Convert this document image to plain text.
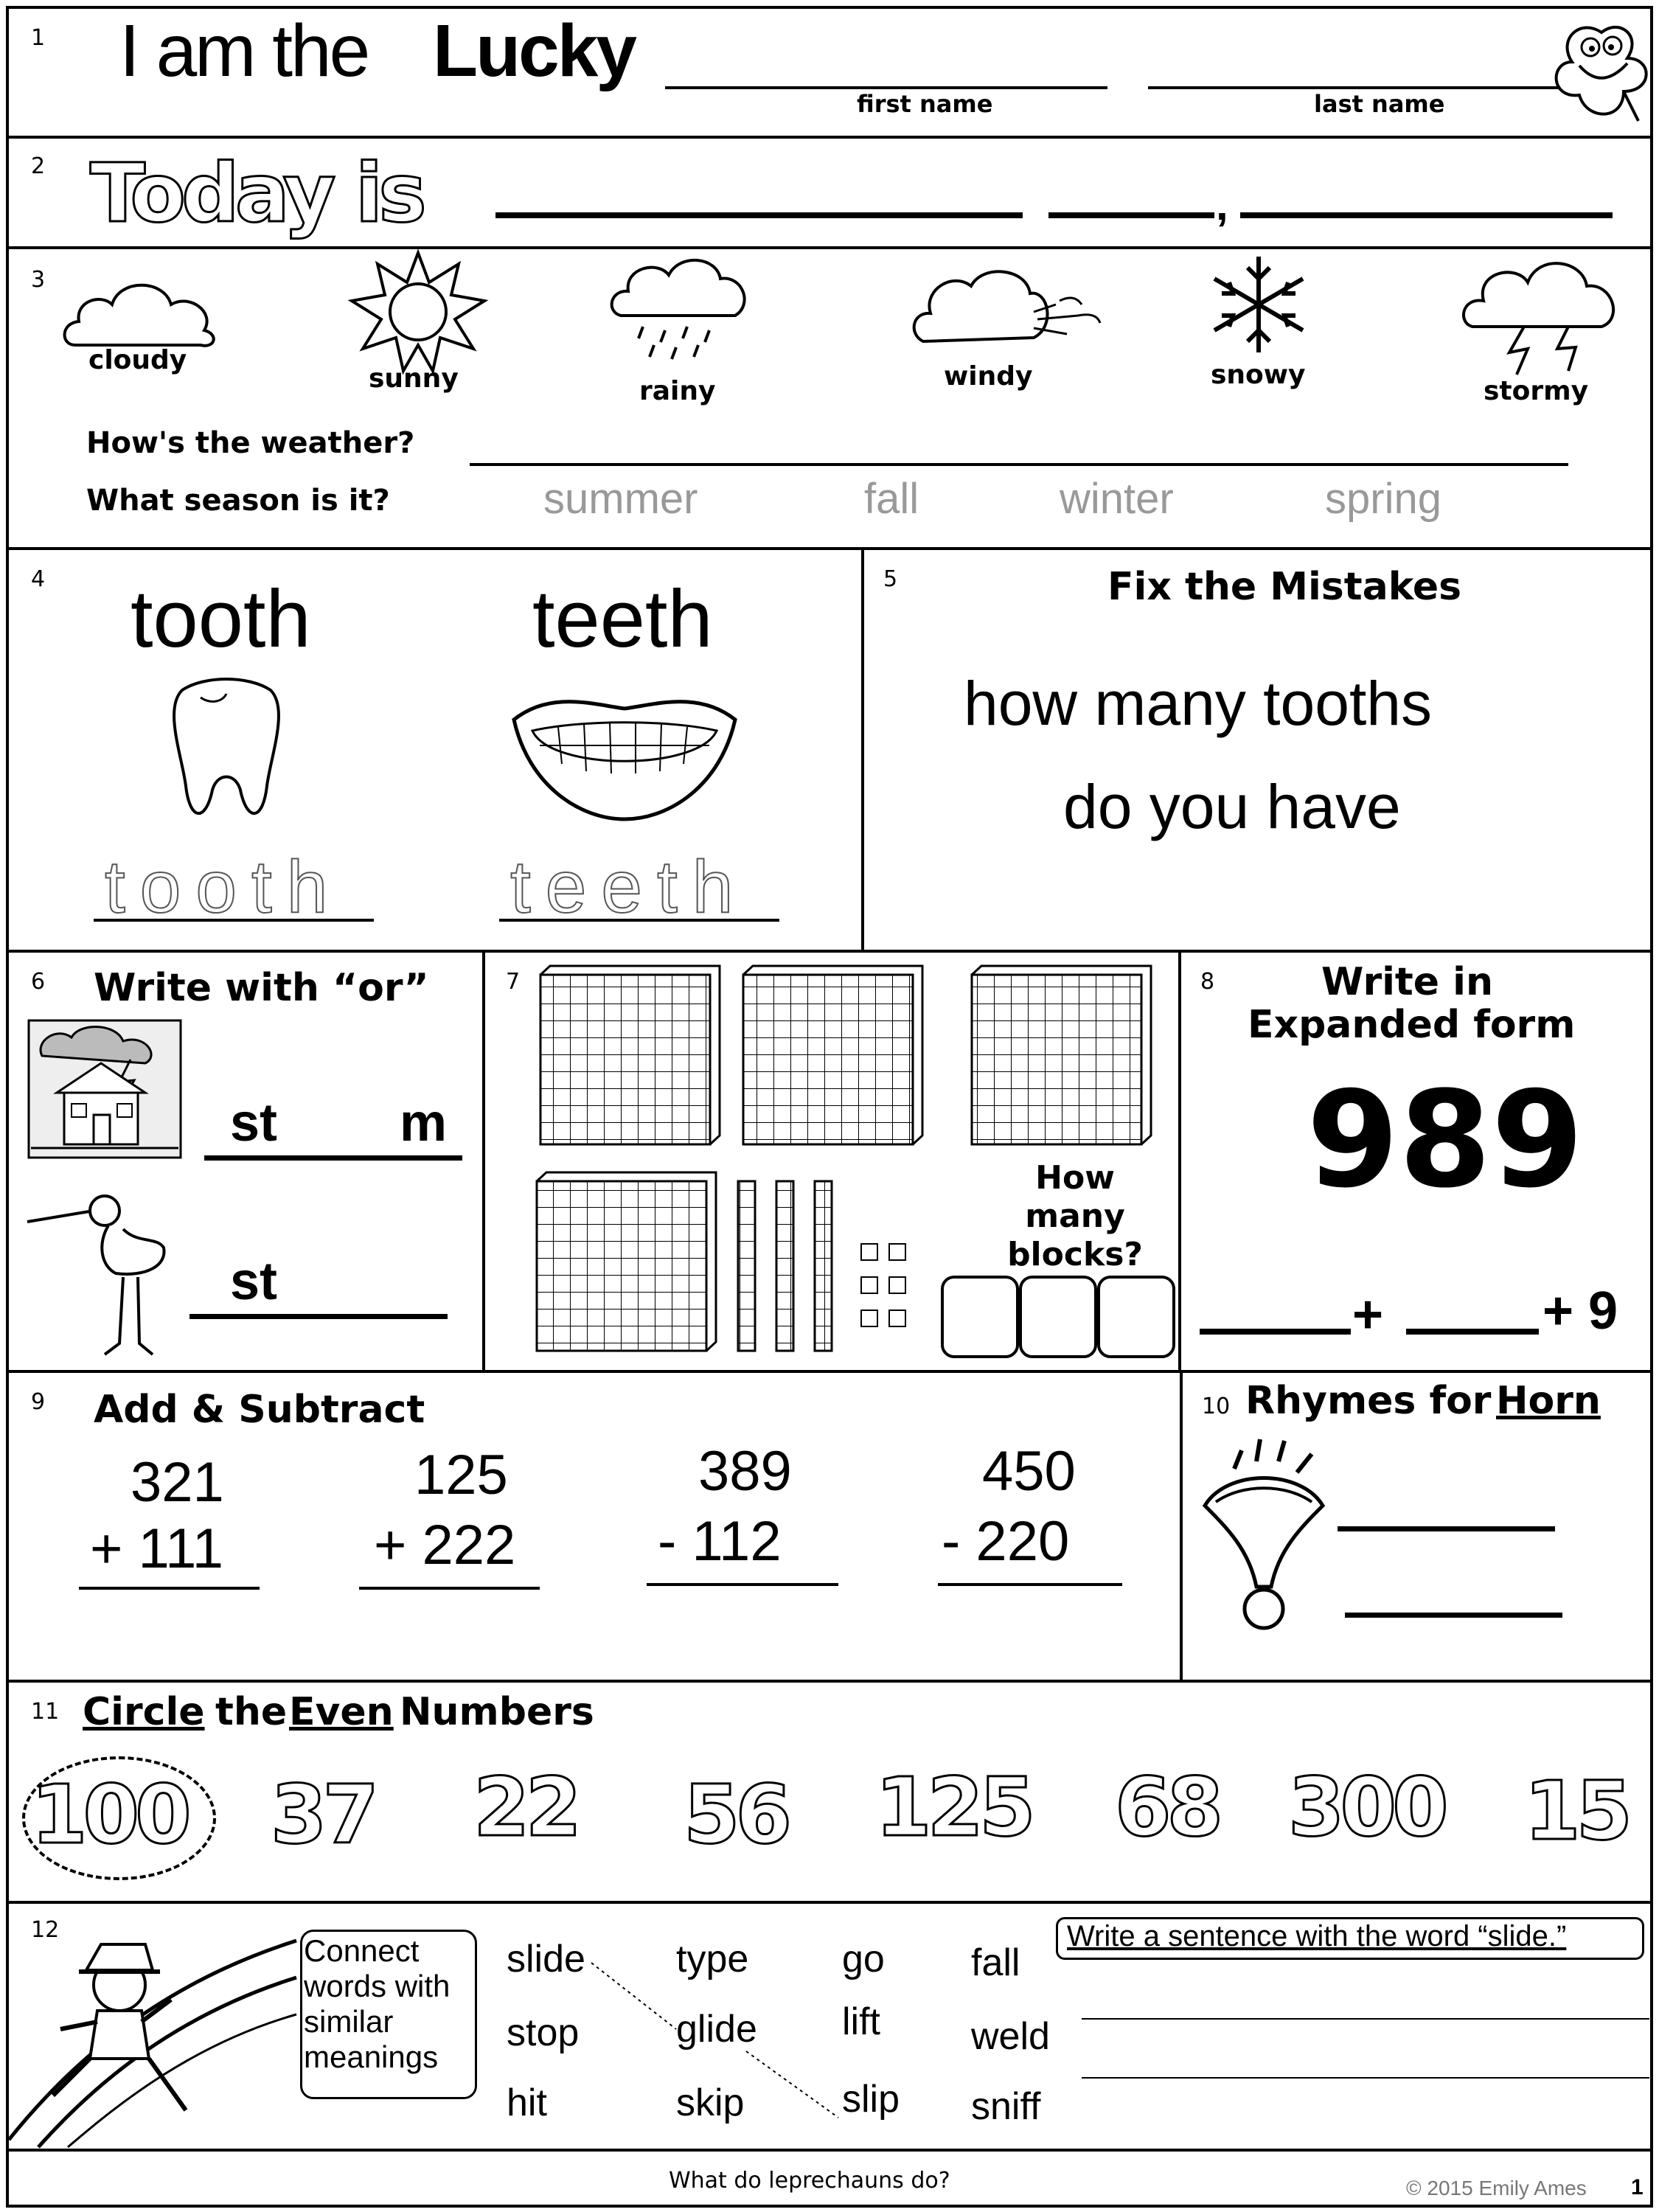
1 I am the Lucky
first name	last name
2 Today is	,
3
cloudy
sunny	rainy	windy	snowy
stormy
How's the weather?
What season is it?	summer	fall	winter	spring
4 tooth	teeth
tooth teeth
5	Fix the Mistakes
how many tooths
do you have
6 Write with “or”
st m
st
7
How many blocks?
8	Write in
Expanded form
989
+	+ 9
9 Add & Subtract
321
+ 111
125
+ 222
389
- 112
450
- 220
10 Rhymes for Horn
11 Circle the Even Numbers
100 37 22 56 125 68 300 15
12
Connect
words with
similar
meanings
slide
stop
hit
type
glide
skip
go
lift
slip
fall
weld
sniff
Write a sentence with the word “slide.”
What do leprechauns do?	© 2015 Emily Ames 1
